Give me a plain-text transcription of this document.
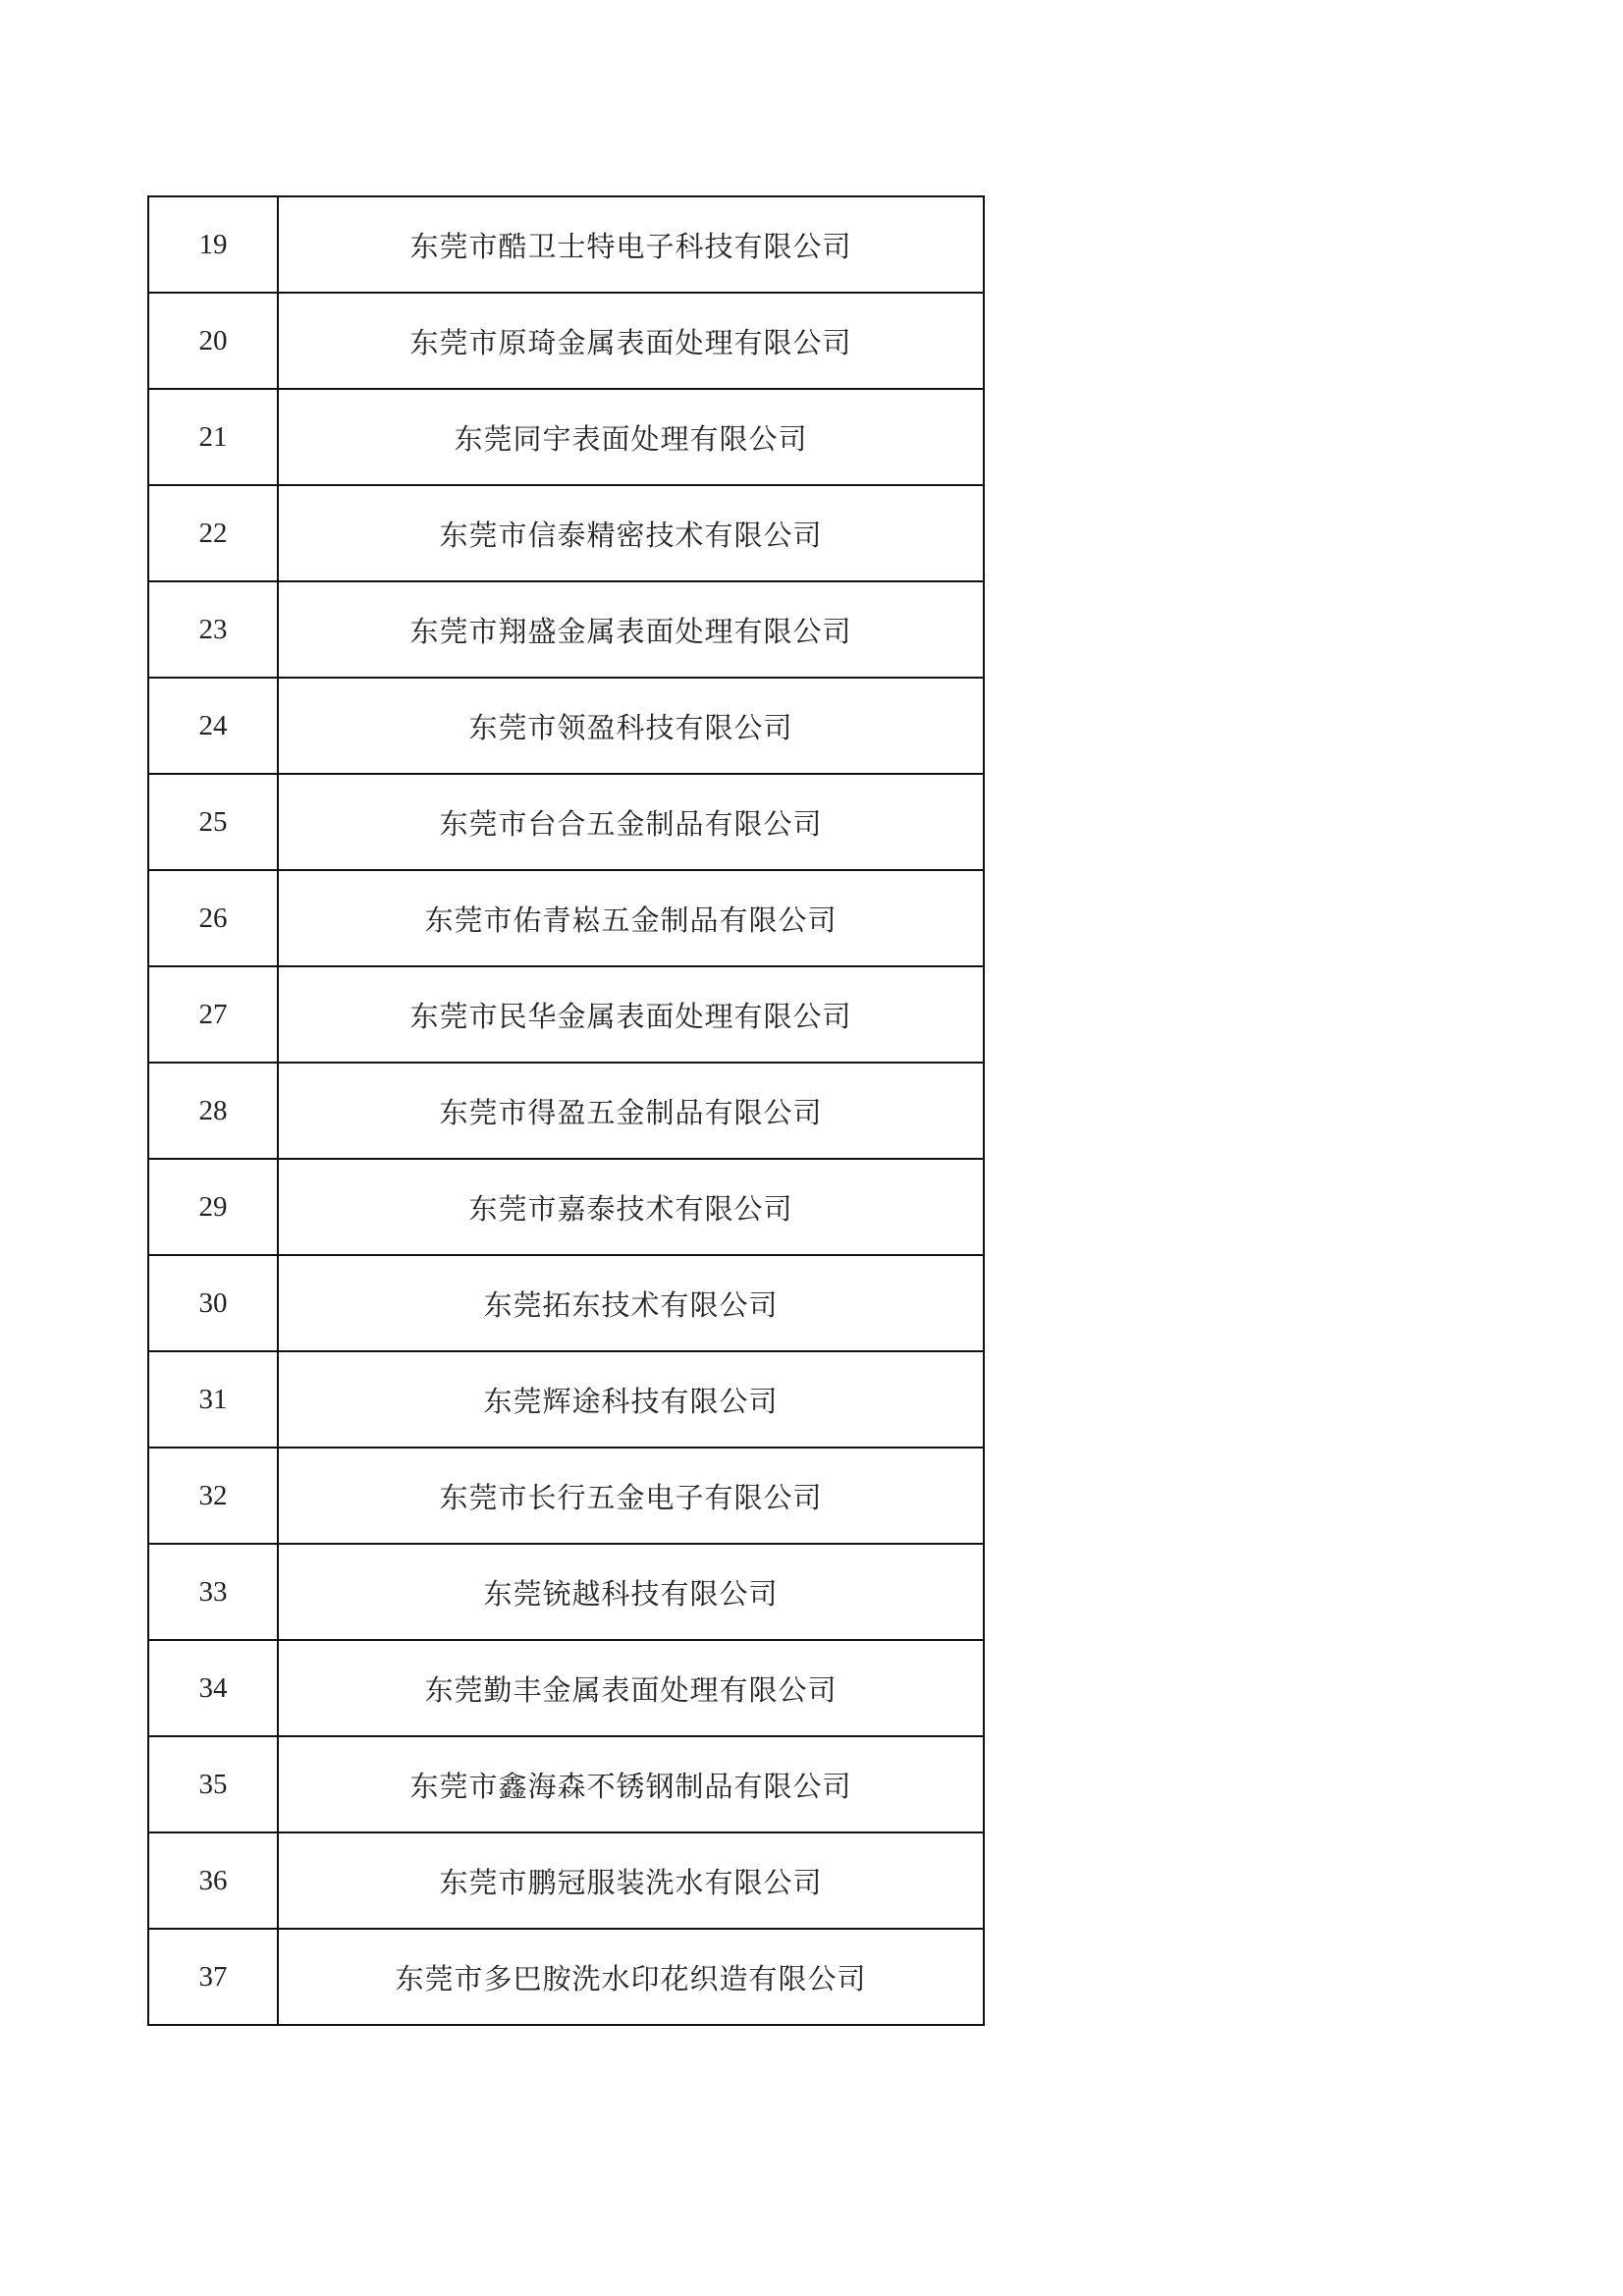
19	东莞市酷卫士特电子科技有限公司
20	东莞市原琦金属表面处理有限公司
21	东莞同宇表面处理有限公司
22	东莞市信泰精密技术有限公司
23	东莞市翔盛金属表面处理有限公司
24	东莞市领盈科技有限公司
25	东莞市台合五金制品有限公司
26	东莞市佑青崧五金制品有限公司
27	东莞市民华金属表面处理有限公司
28	东莞市得盈五金制品有限公司
29	东莞市嘉泰技术有限公司
30	东莞拓东技术有限公司
31	东莞辉途科技有限公司
32	东莞市长行五金电子有限公司
33	东莞铳越科技有限公司
34	东莞勤丰金属表面处理有限公司
35	东莞市鑫海森不锈钢制品有限公司
36	东莞市鹏冠服装洗水有限公司
37	东莞市多巴胺洗水印花织造有限公司
